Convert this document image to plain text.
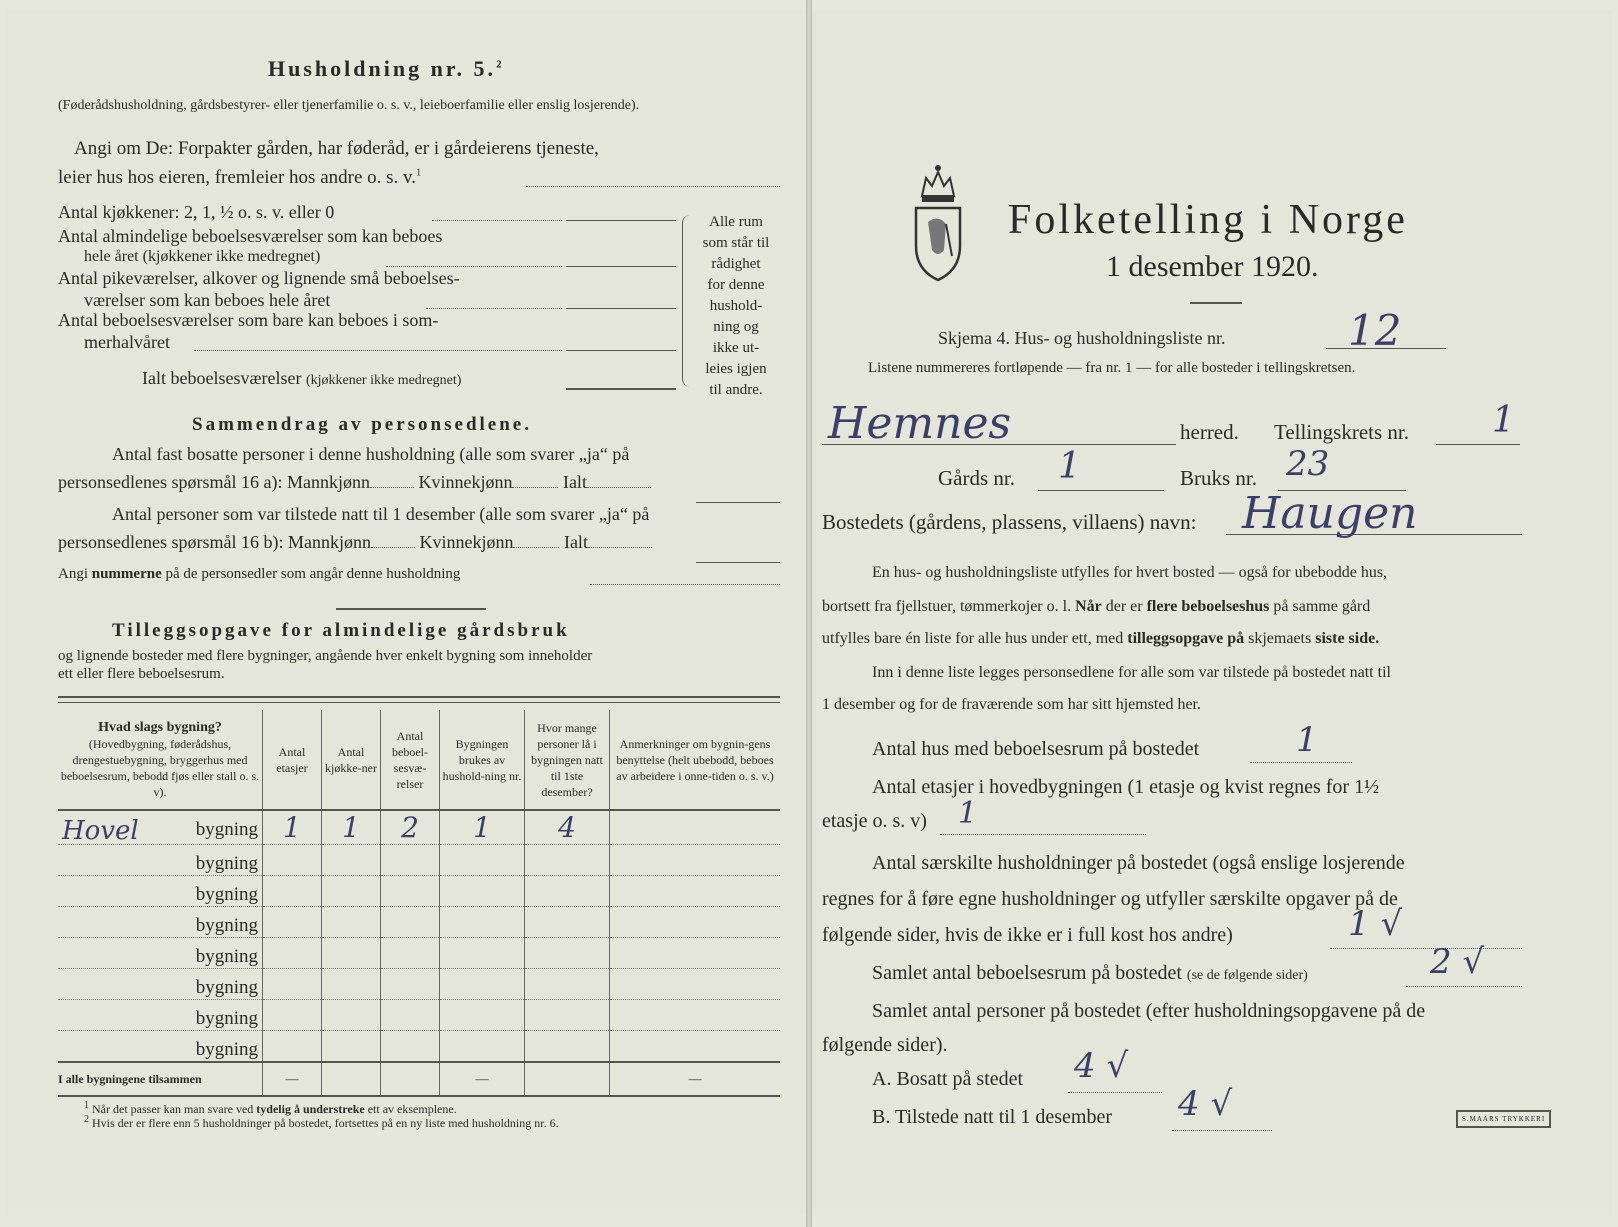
Husholdning nr. 5.$^2$
(Føderådshusholdning, gårdsbestyrer- eller tjenerfamilie o. s. v., leieboerfamilie eller enslig losjerende).
Angi om De: Forpakter gården, har føderåd, er i gårdeierens tjeneste,
leier hus hos eieren, fremleier hos andre o. s. v.$^1$
Antal kjøkkener: 2, 1, ½ o. s. v. eller 0
Antal almindelige beboelsesværelser som kan beboes
hele året (kjøkkener ikke medregnet)
Antal pikeværelser, alkover og lignende små beboelses-
værelser som kan beboes hele året
Antal beboelsesværelser som bare kan beboes i som-
merhalvåret
Ialt beboelsesværelser (kjøkkener ikke medregnet)
Alle rum
som står til
rådighet
for denne
hushold-
ning og
ikke ut-
leies igjen
til andre.
Sammendrag av personsedlene.
Antal fast bosatte personer i denne husholdning (alle som svarer „ja“ på
personsedlenes spørsmål 16 a): Mannkjønn	Kvinnekjønn	Ialt
Antal personer som var tilstede natt til 1 desember (alle som svarer „ja“ på
personsedlenes spørsmål 16 b): Mannkjønn	Kvinnekjønn	Ialt
Angi nummerne på de personsedler som angår denne husholdning
Tilleggsopgave for almindelige gårdsbruk
og lignende bosteder med flere bygninger, angående hver enkelt bygning som inneholder
ett eller flere beboelsesrum.
Hvad slags bygning?
(Hovedbygning, føderådshus, drengestuebygning, bryggerhus med beboelsesrum, bebodd fjøs eller stall o. s. v).	Antal etasjer	Antal kjøkke-ner	Antal beboel-sesvæ-relser	Bygningen brukes av hushold-ning nr.	Hvor mange personer lå i bygningen natt til 1ste desember?	Anmerkninger om bygnin-gens benyttelse (helt ubebodd, beboes av arbeidere i onne-tiden o. s. v.)

Hovel bygning	1	1	2	1	4	

bygning						

bygning						

bygning						

bygning						

bygning						

bygning						

bygning						
I alle bygningene tilsammen	—			—		—
$^1$ Når det passer kan man svare ved tydelig å understreke ett av eksemplene.
$^2$ Hvis der er flere enn 5 husholdninger på bostedet, fortsettes på en ny liste med husholdning nr. 6.
Folketelling i Norge
1 desember 1920.
Skjema 4. Hus- og husholdningsliste nr.	12
Listene nummereres fortløpende — fra nr. 1 — for alle bosteder i tellingskretsen.
Hemnes	herred. Tellingskrets nr. 1
Gårds nr. 1	Bruks nr. 23
Bostedets (gårdens, plassens, villaens) navn: Haugen
En hus- og husholdningsliste utfylles for hvert bosted — også for ubebodde hus,
bortsett fra fjellstuer, tømmerkojer o. l. Når der er flere beboelseshus på samme gård
utfylles bare én liste for alle hus under ett, med tilleggsopgave på skjemaets siste side.
Inn i denne liste legges personsedlene for alle som var tilstede på bostedet natt til
1 desember og for de fraværende som har sitt hjemsted her.
Antal hus med beboelsesrum på bostedet	1
Antal etasjer i hovedbygningen (1 etasje og kvist regnes for 1½
etasje o. s. v) 1
Antal særskilte husholdninger på bostedet (også enslige losjerende
regnes for å føre egne husholdninger og utfyller særskilte opgaver på de
følgende sider, hvis de ikke er i full kost hos andre)	1 √
Samlet antal beboelsesrum på bostedet (se de følgende sider)	2 √
Samlet antal personer på bostedet (efter husholdningsopgavene på de
følgende sider).
A. Bosatt på stedet 4 √
B. Tilstede natt til 1 desember 4 √	S.MAARS TRYKKERI
